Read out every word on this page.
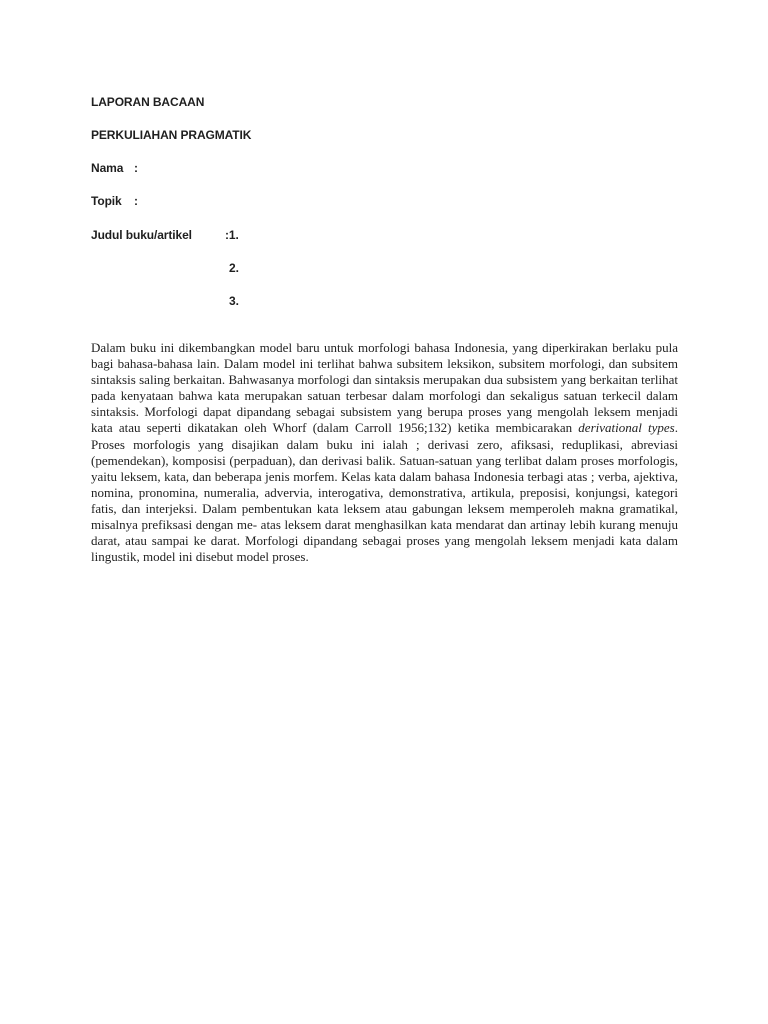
LAPORAN BACAAN
PERKULIAHAN PRAGMATIK
Nama :
Topik :
Judul buku/artikel	:1.
2.
3.

Dalam buku ini dikembangkan model baru untuk morfologi bahasa Indonesia, yang diperkirakan berlaku pula bagi bahasa-bahasa lain. Dalam model ini terlihat bahwa subsitem leksikon, subsitem morfologi, dan subsitem sintaksis saling berkaitan. Bahwasanya morfologi dan sintaksis merupakan dua subsistem yang berkaitan terlihat pada kenyataan bahwa kata merupakan satuan terbesar dalam morfologi dan sekaligus satuan terkecil dalam sintaksis. Morfologi dapat dipandang sebagai subsistem yang berupa proses yang mengolah leksem menjadi kata atau seperti dikatakan oleh Whorf (dalam Carroll 1956;132) ketika membicarakan derivational types. Proses morfologis yang disajikan dalam buku ini ialah ; derivasi zero, afiksasi, reduplikasi, abreviasi (pemendekan), komposisi (perpaduan), dan derivasi balik. Satuan-satuan yang terlibat dalam proses morfologis, yaitu leksem, kata, dan beberapa jenis morfem. Kelas kata dalam bahasa Indonesia terbagi atas ; verba, ajektiva, nomina, pronomina, numeralia, advervia, interogativa, demonstrativa, artikula, preposisi, konjungsi, kategori fatis, dan interjeksi. Dalam pembentukan kata leksem atau gabungan leksem memperoleh makna gramatikal, misalnya prefiksasi dengan me- atas leksem darat menghasilkan kata mendarat dan artinay lebih kurang menuju darat, atau sampai ke darat. Morfologi dipandang sebagai proses yang mengolah leksem menjadi kata dalam lingustik, model ini disebut model proses.
